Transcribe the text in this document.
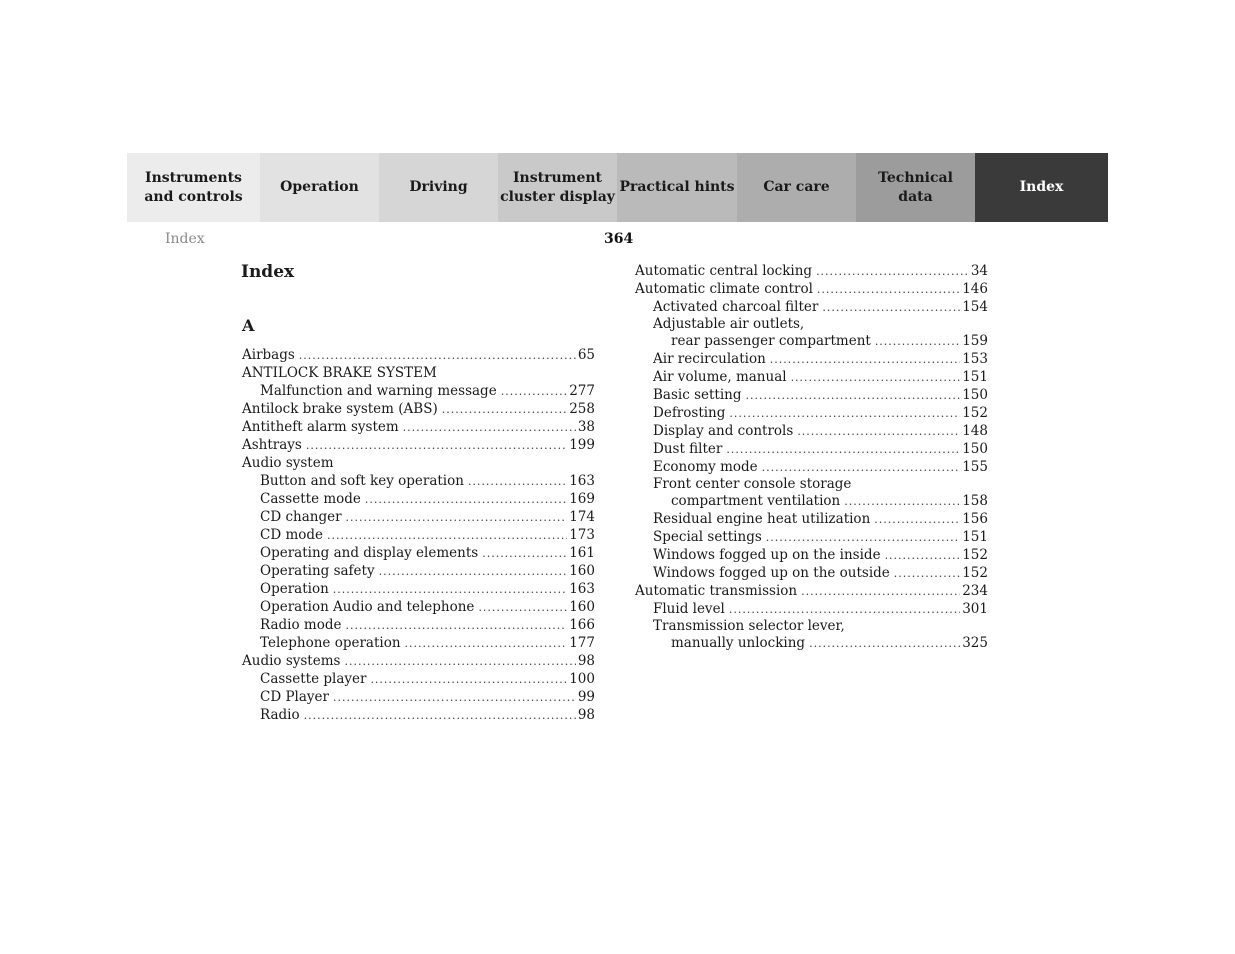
Instruments
and controls
Operation	Driving
Instrument
cluster display
Practical hints	Car care
Technical
data
Index
Index	364
Index
A
Airbags .....	65
ANTILOCK BRAKE SYSTEM
Malfunction and warning message .....	277
Antilock brake system (ABS) .....	258
Antitheft alarm system .....	38
Ashtrays .....	199
Audio system
Button and soft key operation .....	163
Cassette mode .....	169
CD changer .....	174
CD mode .....	173
Operating and display elements .....	161
Operating safety .....	160
Operation .....	163
Operation Audio and telephone .....	160
Radio mode .....	166
Telephone operation .....	177
Audio systems .....	98
Cassette player .....	100
CD Player .....	99
Radio .....	98
Automatic central locking .....	34
Automatic climate control .....	146
Activated charcoal filter .....	154
Adjustable air outlets,
rear passenger compartment .....	159
Air recirculation .....	153
Air volume, manual .....	151
Basic setting .....	150
Defrosting .....	152
Display and controls .....	148
Dust filter .....	150
Economy mode .....	155
Front center console storage
compartment ventilation .....	158
Residual engine heat utilization .....	156
Special settings .....	151
Windows fogged up on the inside .....	152
Windows fogged up on the outside .....	152
Automatic transmission .....	234
Fluid level .....	301
Transmission selector lever,
manually unlocking .....	325
